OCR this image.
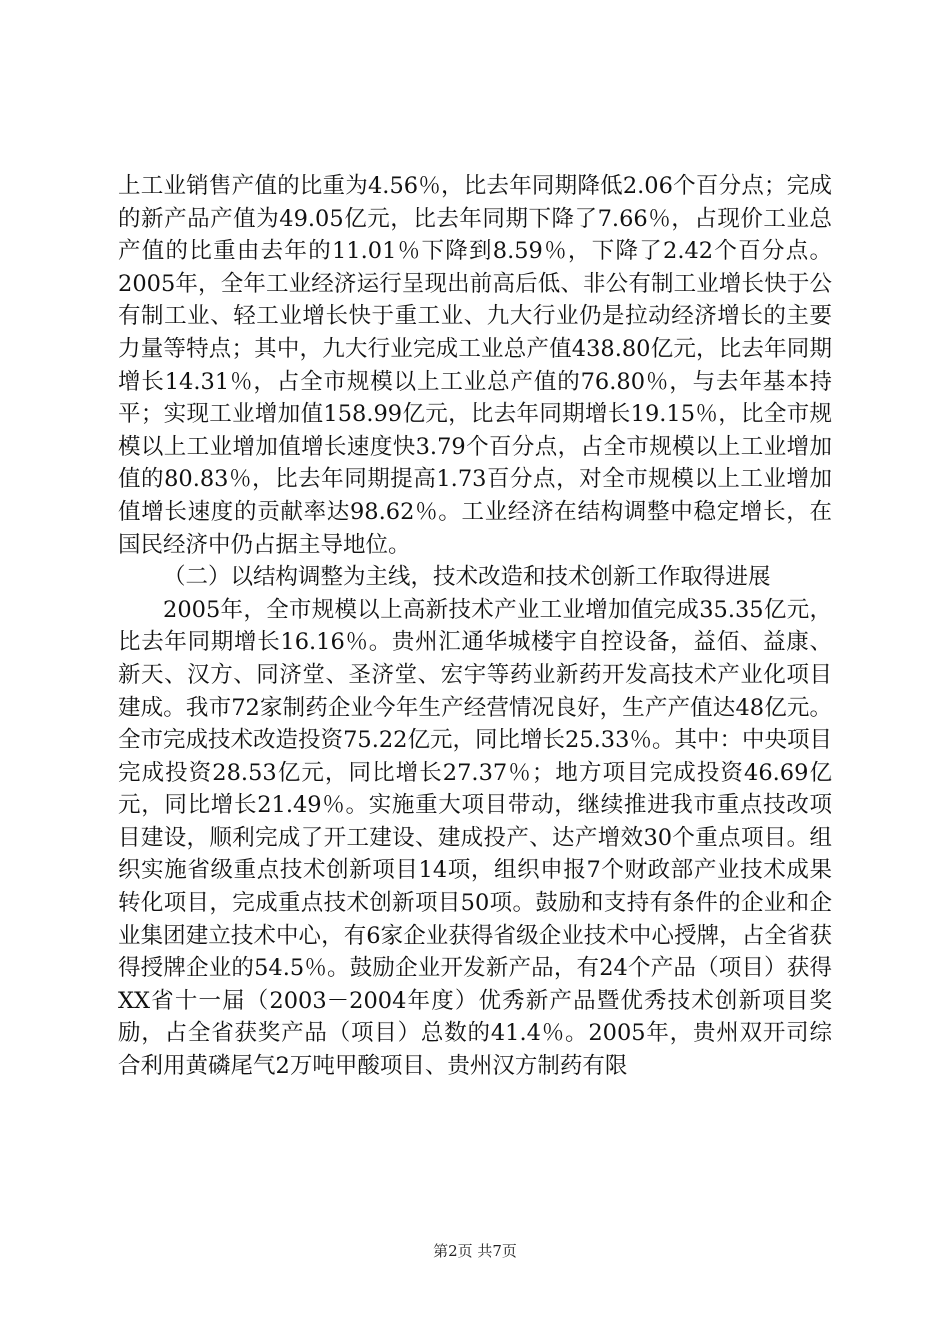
上工业销售产值的比重为4.56％，比去年同期降低2.06个百分点；完成的新产品产值为49.05亿元，比去年同期下降了7.66％，占现价工业总产值的比重由去年的11.01％下降到8.59％，下降了2.42个百分点。2005年，全年工业经济运行呈现出前高后低、非公有制工业增长快于公有制工业、轻工业增长快于重工业、九大行业仍是拉动经济增长的主要力量等特点；其中，九大行业完成工业总产值438.80亿元，比去年同期增长14.31％，占全市规模以上工业总产值的76.80％，与去年基本持平；实现工业增加值158.99亿元，比去年同期增长19.15％，比全市规模以上工业增加值增长速度快3.79个百分点，占全市规模以上工业增加值的80.83％，比去年同期提高1.73百分点，对全市规模以上工业增加值增长速度的贡献率达98.62％。工业经济在结构调整中稳定增长，在国民经济中仍占据主导地位。

（二）以结构调整为主线，技术改造和技术创新工作取得进展

2005年，全市规模以上高新技术产业工业增加值完成35.35亿元，比去年同期增长16.16％。贵州汇通华城楼宇自控设备，益佰、益康、新天、汉方、同济堂、圣济堂、宏宇等药业新药开发高技术产业化项目建成。我市72家制药企业今年生产经营情况良好，生产产值达48亿元。全市完成技术改造投资75.22亿元，同比增长25.33％。其中：中央项目完成投资28.53亿元，同比增长27.37％；地方项目完成投资46.69亿元，同比增长21.49％。实施重大项目带动，继续推进我市重点技改项目建设，顺利完成了开工建设、建成投产、达产增效30个重点项目。组织实施省级重点技术创新项目14项，组织申报7个财政部产业技术成果转化项目，完成重点技术创新项目50项。鼓励和支持有条件的企业和企业集团建立技术中心，有6家企业获得省级企业技术中心授牌，占全省获得授牌企业的54.5％。鼓励企业开发新产品，有24个产品（项目）获得XX省十一届（2003－2004年度）优秀新产品暨优秀技术创新项目奖励，占全省获奖产品（项目）总数的41.4％。2005年，贵州双开司综合利用黄磷尾气2万吨甲酸项目、贵州汉方制药有限

第2页 共7页
